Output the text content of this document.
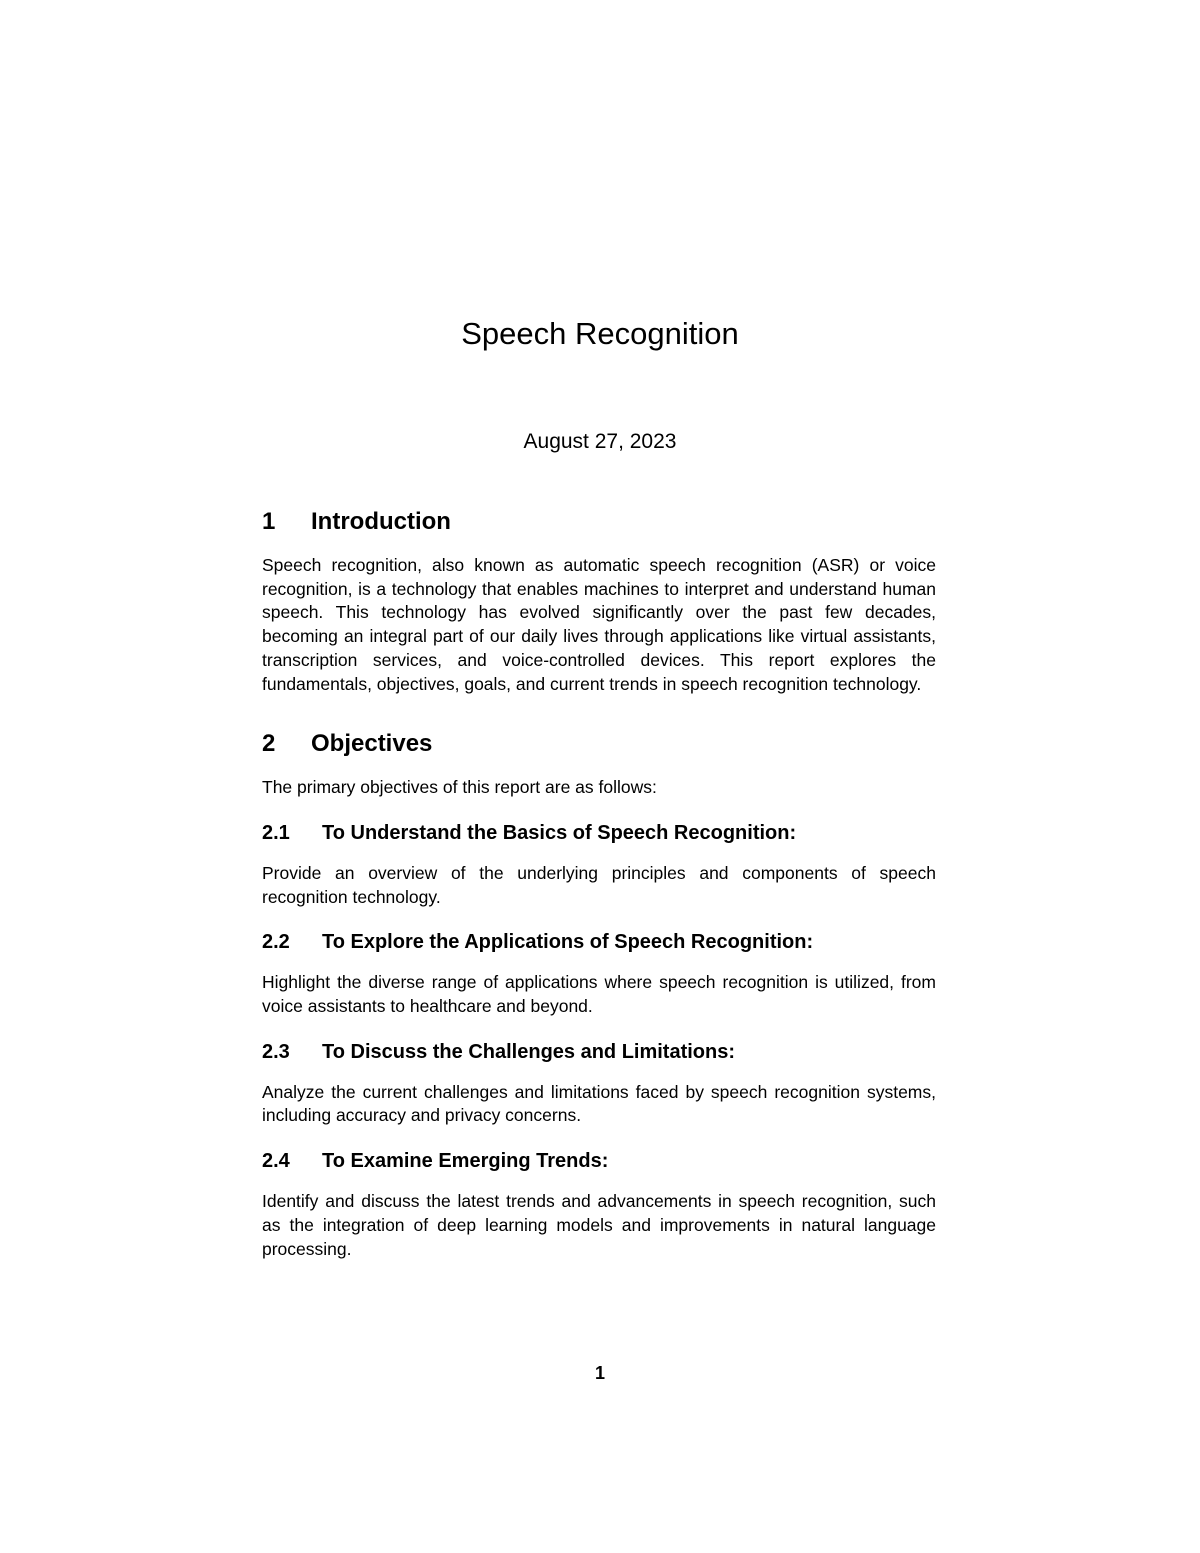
Speech Recognition
August 27, 2023
1	Introduction

Speech recognition, also known as automatic speech recognition (ASR) or voice recognition, is a technology that enables machines to interpret and understand human speech. This technology has evolved significantly over the past few decades, becoming an integral part of our daily lives through applications like virtual assistants, transcription services, and voice-controlled devices. This report explores the fundamentals, objectives, goals, and current trends in speech recognition technology.

2	Objectives

The primary objectives of this report are as follows:

2.1	To Understand the Basics of Speech Recognition:

Provide an overview of the underlying principles and components of speech recognition technology.

2.2	To Explore the Applications of Speech Recognition:

Highlight the diverse range of applications where speech recognition is utilized, from voice assistants to healthcare and beyond.

2.3	To Discuss the Challenges and Limitations:

Analyze the current challenges and limitations faced by speech recognition systems, including accuracy and privacy concerns.

2.4	To Examine Emerging Trends:

Identify and discuss the latest trends and advancements in speech recognition, such as the integration of deep learning models and improvements in natural language processing.

1
